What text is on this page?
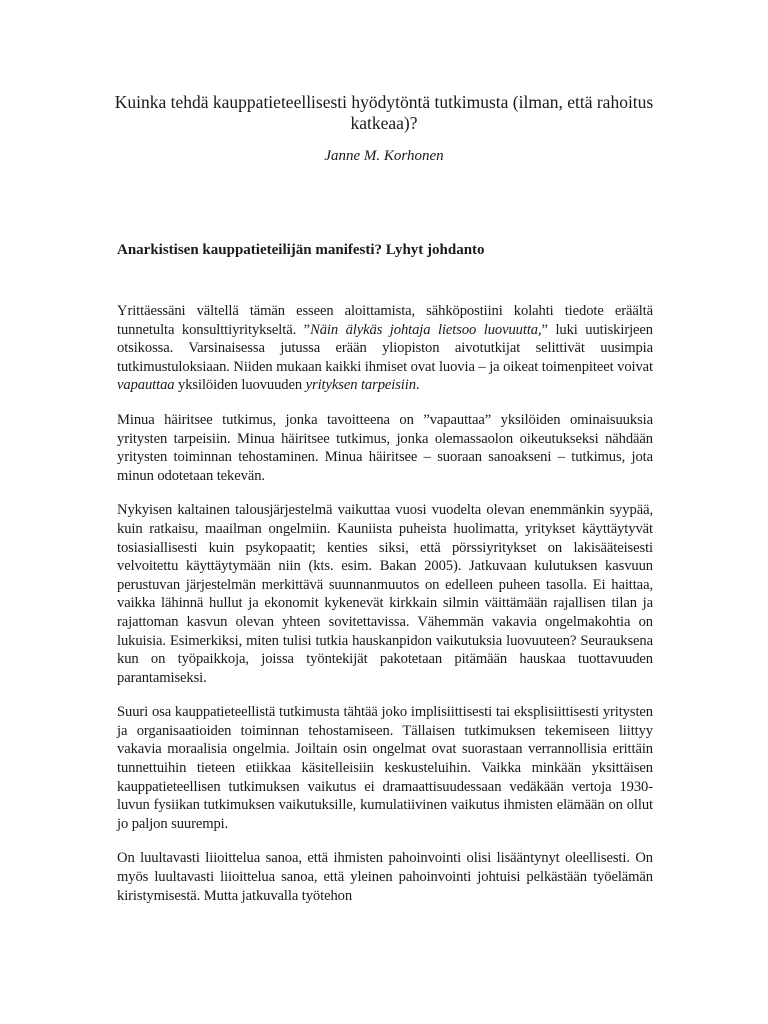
Kuinka tehdä kauppatieteellisesti hyödytöntä tutkimusta (ilman, että rahoitus katkeaa)?

Janne M. Korhonen

Anarkistisen kauppatieteilijän manifesti? Lyhyt johdanto

Yrittäessäni vältellä tämän esseen aloittamista, sähköpostiini kolahti tiedote eräältä tunnetulta konsulttiyritykseltä. ”Näin älykäs johtaja lietsoo luovuutta,” luki uutiskirjeen otsikossa. Varsinaisessa jutussa erään yliopiston aivotutkijat selittivät uusimpia tutkimustuloksiaan. Niiden mukaan kaikki ihmiset ovat luovia – ja oikeat toimenpiteet voivat vapauttaa yksilöiden luovuuden yrityksen tarpeisiin.

Minua häiritsee tutkimus, jonka tavoitteena on ”vapauttaa” yksilöiden ominaisuuksia yritysten tarpeisiin. Minua häiritsee tutkimus, jonka olemassaolon oikeutukseksi nähdään yritysten toiminnan tehostaminen. Minua häiritsee – suoraan sanoakseni – tutkimus, jota minun odotetaan tekevän.

Nykyisen kaltainen talousjärjestelmä vaikuttaa vuosi vuodelta olevan enemmänkin syypää, kuin ratkaisu, maailman ongelmiin. Kauniista puheista huolimatta, yritykset käyttäytyvät tosiasiallisesti kuin psykopaatit; kenties siksi, että pörssiyritykset on lakisääteisesti velvoitettu käyttäytymään niin (kts. esim. Bakan 2005). Jatkuvaan kulutuksen kasvuun perustuvan järjestelmän merkittävä suunnanmuutos on edelleen puheen tasolla. Ei haittaa, vaikka lähinnä hullut ja ekonomit kykenevät kirkkain silmin väittämään rajallisen tilan ja rajattoman kasvun olevan yhteen sovitettavissa. Vähemmän vakavia ongelmakohtia on lukuisia. Esimerkiksi, miten tulisi tutkia hauskanpidon vaikutuksia luovuuteen? Seurauksena kun on työpaikkoja, joissa työntekijät pakotetaan pitämään hauskaa tuottavuuden parantamiseksi.

Suuri osa kauppatieteellistä tutkimusta tähtää joko implisiittisesti tai eksplisiittisesti yritysten ja organisaatioiden toiminnan tehostamiseen. Tällaisen tutkimuksen tekemiseen liittyy vakavia moraalisia ongelmia. Joiltain osin ongelmat ovat suorastaan verrannollisia erittäin tunnettuihin tieteen etiikkaa käsitelleisiin keskusteluihin. Vaikka minkään yksittäisen kauppatieteellisen tutkimuksen vaikutus ei dramaattisuudessaan vedäkään vertoja 1930-luvun fysiikan tutkimuksen vaikutuksille, kumulatiivinen vaikutus ihmisten elämään on ollut jo paljon suurempi.

On luultavasti liioittelua sanoa, että ihmisten pahoinvointi olisi lisääntynyt oleellisesti. On myös luultavasti liioittelua sanoa, että yleinen pahoinvointi johtuisi pelkästään työelämän kiristymisestä. Mutta jatkuvalla työtehon
